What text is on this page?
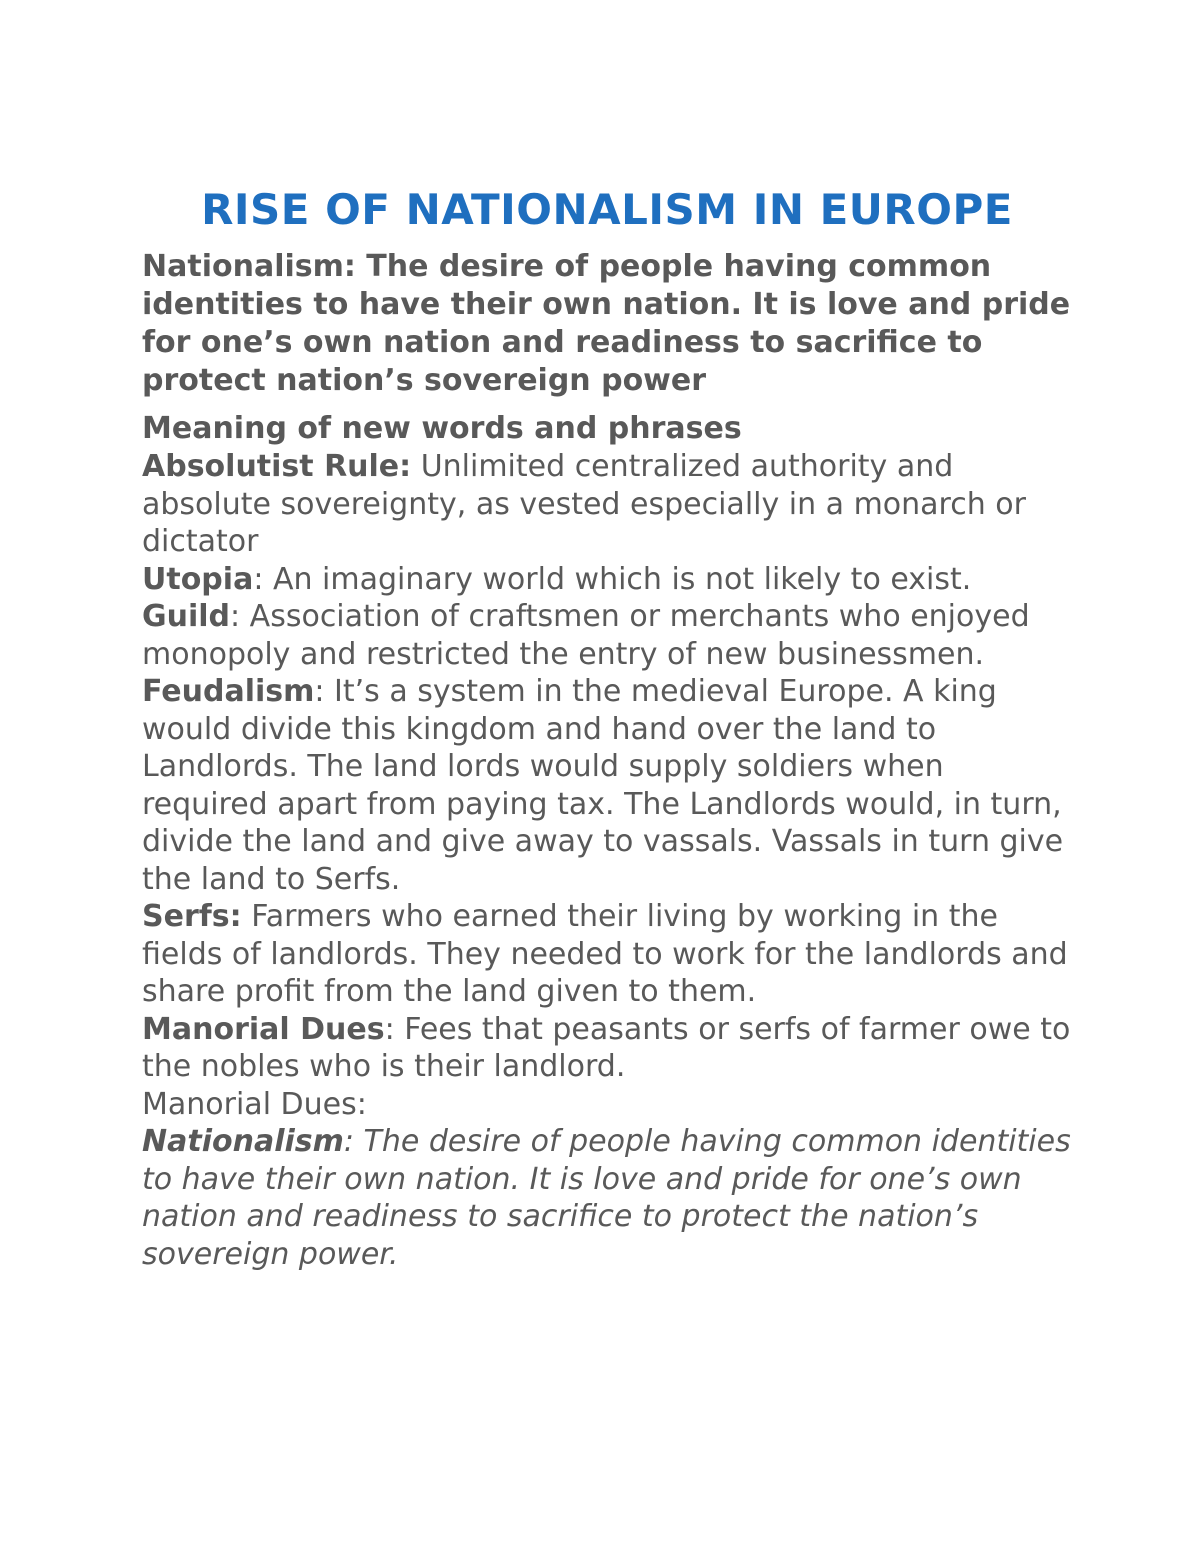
RISE OF NATIONALISM IN EUROPE

Nationalism: The desire of people having common identities to have their own nation. It is love and pride for one’s own nation and readiness to sacrifice to protect nation’s sovereign power

Meaning of new words and phrases

Absolutist Rule: Unlimited centralized authority and absolute sovereignty, as vested especially in a monarch or dictator

Utopia: An imaginary world which is not likely to exist.

Guild: Association of craftsmen or merchants who enjoyed monopoly and restricted the entry of new businessmen.

Feudalism: It’s a system in the medieval Europe. A king would divide this kingdom and hand over the land to Landlords. The land lords would supply soldiers when required apart from paying tax. The Landlords would, in turn, divide the land and give away to vassals. Vassals in turn give the land to Serfs.

Serfs: Farmers who earned their living by working in the fields of landlords. They needed to work for the landlords and share profit from the land given to them.

Manorial Dues: Fees that peasants or serfs of farmer owe to the nobles who is their landlord.

Manorial Dues:

Nationalism: The desire of people having common identities to have their own nation. It is love and pride for one’s own nation and readiness to sacrifice to protect the nation’s sovereign power.
